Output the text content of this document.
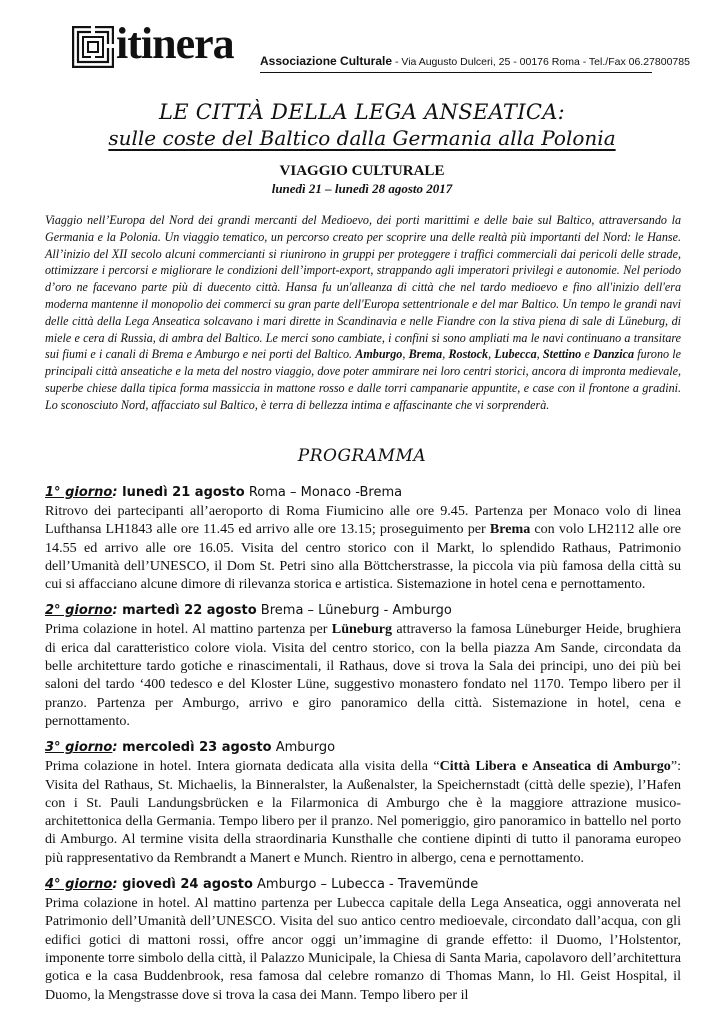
itinera Associazione Culturale - Via Augusto Dulceri, 25 - 00176 Roma - Tel./Fax 06.27800785
LE CITTÀ DELLA LEGA ANSEATICA:
sulle coste del Baltico dalla Germania alla Polonia
VIAGGIO CULTURALE
lunedì 21 – lunedì 28 agosto 2017
Viaggio nell’Europa del Nord dei grandi mercanti del Medioevo, dei porti marittimi e delle baie sul Baltico, attraversando la Germania e la Polonia. Un viaggio tematico, un percorso creato per scoprire una delle realtà più importanti del Nord: le Hanse. All’inizio del XII secolo alcuni commercianti si riunirono in gruppi per proteggere i traffici commerciali dai pericoli delle strade, ottimizzare i percorsi e migliorare le condizioni dell’import-export, strappando agli imperatori privilegi e autonomie. Nel periodo d’oro ne facevano parte più di duecento città. Hansa fu un'alleanza di città che nel tardo medioevo e fino all'inizio dell'era moderna mantenne il monopolio dei commerci su gran parte dell'Europa settentrionale e del mar Baltico. Un tempo le grandi navi delle città della Lega Anseatica solcavano i mari dirette in Scandinavia e nelle Fiandre con la stiva piena di sale di Lüneburg, di miele e cera di Russia, di ambra del Baltico. Le merci sono cambiate, i confini si sono ampliati ma le navi continuano a transitare sui fiumi e i canali di Brema e Amburgo e nei porti del Baltico. Amburgo, Brema, Rostock, Lubecca, Stettino e Danzica furono le principali città anseatiche e la meta del nostro viaggio, dove poter ammirare nei loro centri storici, ancora di impronta medievale, superbe chiese dalla tipica forma massiccia in mattone rosso e dalle torri campanarie appuntite, e case con il frontone a gradini. Lo sconosciuto Nord, affacciato sul Baltico, è terra di bellezza intima e affascinante che vi sorprenderà.
PROGRAMMA
1° giorno: lunedì 21 agosto Roma – Monaco -Brema
Ritrovo dei partecipanti all’aeroporto di Roma Fiumicino alle ore 9.45. Partenza per Monaco volo di linea Lufthansa LH1843 alle ore 11.45 ed arrivo alle ore 13.15; proseguimento per Brema con volo LH2112 alle ore 14.55 ed arrivo alle ore 16.05. Visita del centro storico con il Markt, lo splendido Rathaus, Patrimonio dell’Umanità dell’UNESCO, il Dom St. Petri sino alla Böttcherstrasse, la piccola via più famosa della città su cui si affacciano alcune dimore di rilevanza storica e artistica. Sistemazione in hotel cena e pernottamento.
2° giorno: martedì 22 agosto Brema – Lüneburg - Amburgo
Prima colazione in hotel. Al mattino partenza per Lüneburg attraverso la famosa Lüneburger Heide, brughiera di erica dal caratteristico colore viola. Visita del centro storico, con la bella piazza Am Sande, circondata da belle architetture tardo gotiche e rinascimentali, il Rathaus, dove si trova la Sala dei principi, uno dei più bei saloni del tardo ‘400 tedesco e del Kloster Lüne, suggestivo monastero fondato nel 1170. Tempo libero per il pranzo. Partenza per Amburgo, arrivo e giro panoramico della città. Sistemazione in hotel, cena e pernottamento.
3° giorno: mercoledì 23 agosto Amburgo
Prima colazione in hotel. Intera giornata dedicata alla visita della “Città Libera e Anseatica di Amburgo”: Visita del Rathaus, St. Michaelis, la Binneralster, la Außenalster, la Speichernstadt (città delle spezie), l’Hafen con i St. Pauli Landungsbrücken e la Filarmonica di Amburgo che è la maggiore attrazione musico-architettonica della Germania. Tempo libero per il pranzo. Nel pomeriggio, giro panoramico in battello nel porto di Amburgo. Al termine visita della straordinaria Kunsthalle che contiene dipinti di tutto il panorama europeo più rappresentativo da Rembrandt a Manert e Munch. Rientro in albergo, cena e pernottamento.
4° giorno: giovedì 24 agosto Amburgo – Lubecca - Travemünde
Prima colazione in hotel. Al mattino partenza per Lubecca capitale della Lega Anseatica, oggi annoverata nel Patrimonio dell’Umanità dell’UNESCO. Visita del suo antico centro medioevale, circondato dall’acqua, con gli edifici gotici di mattoni rossi, offre ancor oggi un’immagine di grande effetto: il Duomo, l’Holstentor, imponente torre simbolo della città, il Palazzo Municipale, la Chiesa di Santa Maria, capolavoro dell’architettura gotica e la casa Buddenbrook, resa famosa dal celebre romanzo di Thomas Mann, lo Hl. Geist Hospital, il Duomo, la Mengstrasse dove si trova la casa dei Mann. Tempo libero per il
